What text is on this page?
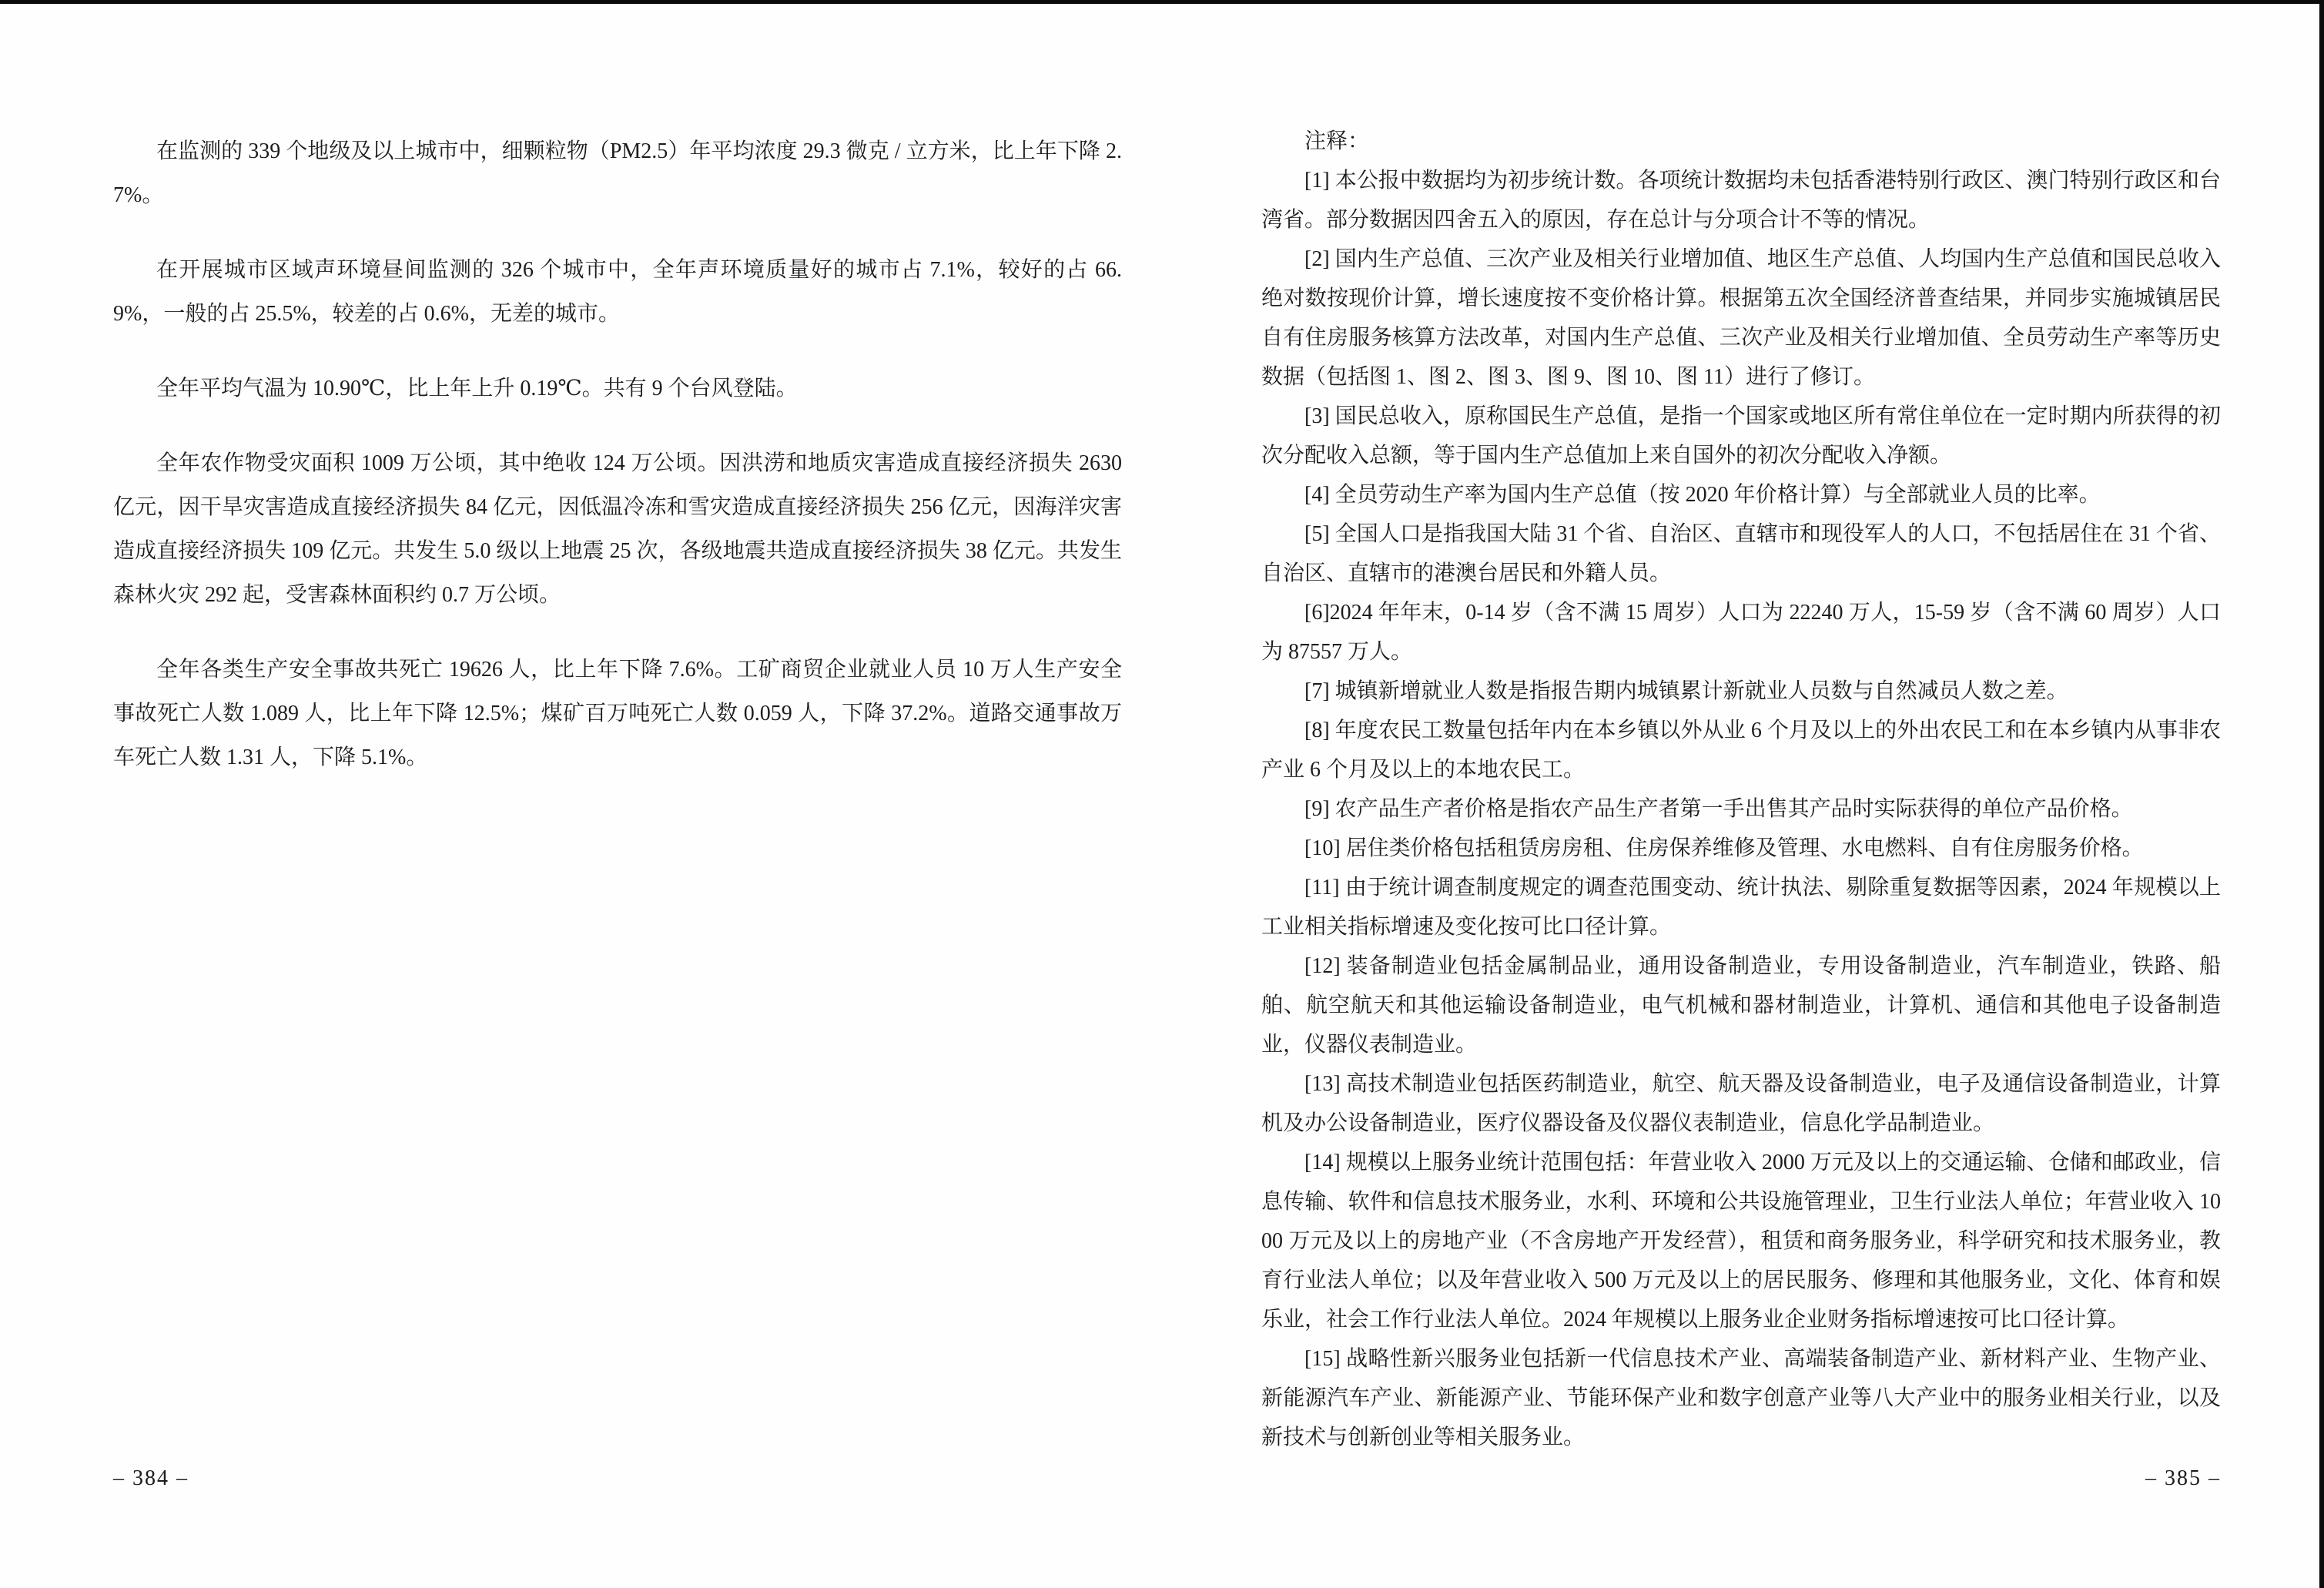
在监测的 339 个地级及以上城市中，细颗粒物（PM2.5）年平均浓度 29.3 微克 / 立方米，比上年下降 2.7%。

在开展城市区域声环境昼间监测的 326 个城市中，全年声环境质量好的城市占 7.1%，较好的占 66.9%，一般的占 25.5%，较差的占 0.6%，无差的城市。

全年平均气温为 10.90℃，比上年上升 0.19℃。共有 9 个台风登陆。

全年农作物受灾面积 1009 万公顷，其中绝收 124 万公顷。因洪涝和地质灾害造成直接经济损失 2630 亿元，因干旱灾害造成直接经济损失 84 亿元，因低温冷冻和雪灾造成直接经济损失 256 亿元，因海洋灾害造成直接经济损失 109 亿元。共发生 5.0 级以上地震 25 次，各级地震共造成直接经济损失 38 亿元。共发生森林火灾 292 起，受害森林面积约 0.7 万公顷。

全年各类生产安全事故共死亡 19626 人，比上年下降 7.6%。工矿商贸企业就业人员 10 万人生产安全事故死亡人数 1.089 人，比上年下降 12.5%；煤矿百万吨死亡人数 0.059 人，下降 37.2%。道路交通事故万车死亡人数 1.31 人，下降 5.1%。

注释：

[1] 本公报中数据均为初步统计数。各项统计数据均未包括香港特别行政区、澳门特别行政区和台湾省。部分数据因四舍五入的原因，存在总计与分项合计不等的情况。

[2] 国内生产总值、三次产业及相关行业增加值、地区生产总值、人均国内生产总值和国民总收入绝对数按现价计算，增长速度按不变价格计算。根据第五次全国经济普查结果，并同步实施城镇居民自有住房服务核算方法改革，对国内生产总值、三次产业及相关行业增加值、全员劳动生产率等历史数据（包括图 1、图 2、图 3、图 9、图 10、图 11）进行了修订。

[3] 国民总收入，原称国民生产总值，是指一个国家或地区所有常住单位在一定时期内所获得的初次分配收入总额，等于国内生产总值加上来自国外的初次分配收入净额。

[4] 全员劳动生产率为国内生产总值（按 2020 年价格计算）与全部就业人员的比率。

[5] 全国人口是指我国大陆 31 个省、自治区、直辖市和现役军人的人口，不包括居住在 31 个省、自治区、直辖市的港澳台居民和外籍人员。

[6]2024 年年末，0-14 岁（含不满 15 周岁）人口为 22240 万人，15-59 岁（含不满 60 周岁）人口为 87557 万人。

[7] 城镇新增就业人数是指报告期内城镇累计新就业人员数与自然减员人数之差。

[8] 年度农民工数量包括年内在本乡镇以外从业 6 个月及以上的外出农民工和在本乡镇内从事非农产业 6 个月及以上的本地农民工。

[9] 农产品生产者价格是指农产品生产者第一手出售其产品时实际获得的单位产品价格。

[10] 居住类价格包括租赁房房租、住房保养维修及管理、水电燃料、自有住房服务价格。

[11] 由于统计调查制度规定的调查范围变动、统计执法、剔除重复数据等因素，2024 年规模以上工业相关指标增速及变化按可比口径计算。

[12] 装备制造业包括金属制品业，通用设备制造业，专用设备制造业，汽车制造业，铁路、船舶、航空航天和其他运输设备制造业，电气机械和器材制造业，计算机、通信和其他电子设备制造业，仪器仪表制造业。

[13] 高技术制造业包括医药制造业，航空、航天器及设备制造业，电子及通信设备制造业，计算机及办公设备制造业，医疗仪器设备及仪器仪表制造业，信息化学品制造业。

[14] 规模以上服务业统计范围包括：年营业收入 2000 万元及以上的交通运输、仓储和邮政业，信息传输、软件和信息技术服务业，水利、环境和公共设施管理业，卫生行业法人单位；年营业收入 1000 万元及以上的房地产业（不含房地产开发经营），租赁和商务服务业，科学研究和技术服务业，教育行业法人单位；以及年营业收入 500 万元及以上的居民服务、修理和其他服务业，文化、体育和娱乐业，社会工作行业法人单位。2024 年规模以上服务业企业财务指标增速按可比口径计算。

[15] 战略性新兴服务业包括新一代信息技术产业、高端装备制造产业、新材料产业、生物产业、新能源汽车产业、新能源产业、节能环保产业和数字创意产业等八大产业中的服务业相关行业，以及新技术与创新创业等相关服务业。

– 384 –	– 385 –
